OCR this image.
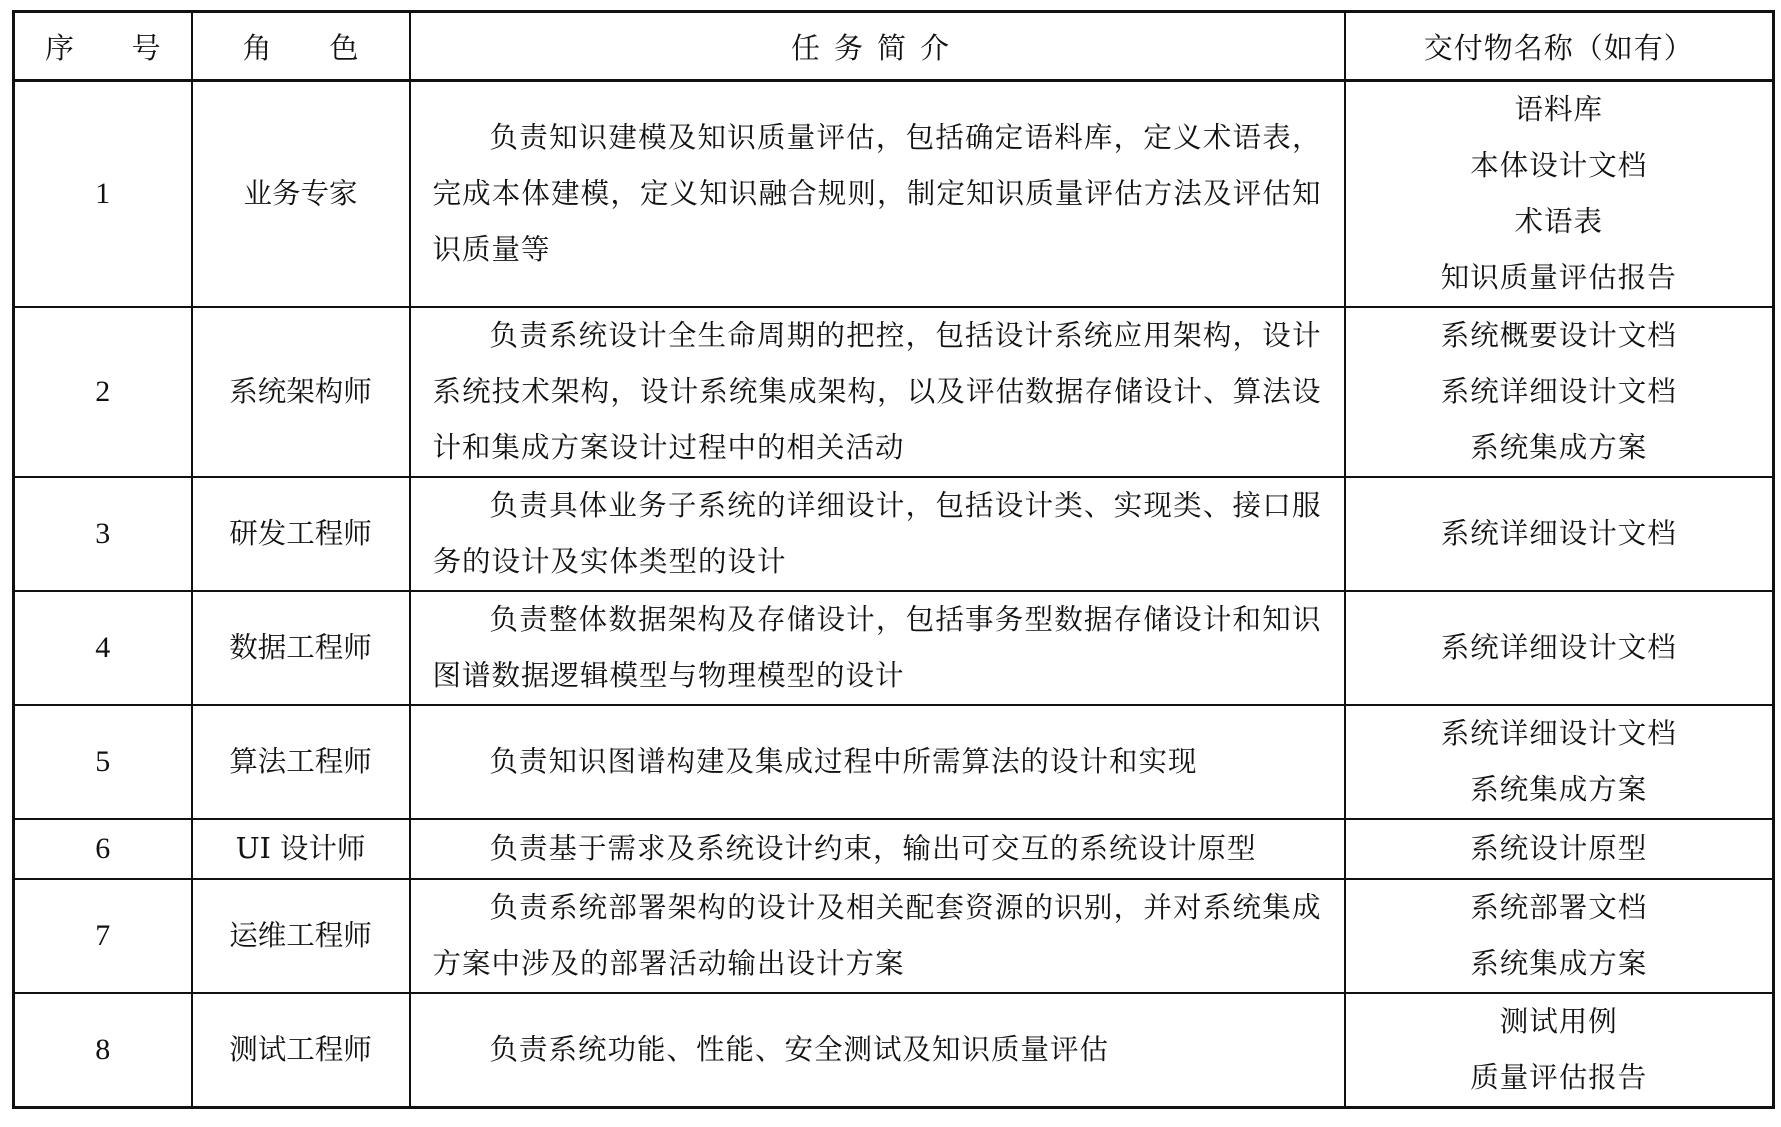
序 号	角 色	任务简介	交付物名称（如有）

1	业务专家	负责知识建模及知识质量评估，包括确定语料库，定义术语表，完成本体建模，定义知识融合规则，制定知识质量评估方法及评估知识质量等	语料库
本体设计文档
术语表
知识质量评估报告

2	系统架构师	负责系统设计全生命周期的把控，包括设计系统应用架构，设计系统技术架构，设计系统集成架构，以及评估数据存储设计、算法设计和集成方案设计过程中的相关活动	系统概要设计文档
系统详细设计文档
系统集成方案

3	研发工程师	负责具体业务子系统的详细设计，包括设计类、实现类、接口服务的设计及实体类型的设计	系统详细设计文档

4	数据工程师	负责整体数据架构及存储设计，包括事务型数据存储设计和知识图谱数据逻辑模型与物理模型的设计	系统详细设计文档

5	算法工程师	负责知识图谱构建及集成过程中所需算法的设计和实现	系统详细设计文档
系统集成方案

6	UI 设计师	负责基于需求及系统设计约束，输出可交互的系统设计原型	系统设计原型

7	运维工程师	负责系统部署架构的设计及相关配套资源的识别，并对系统集成方案中涉及的部署活动输出设计方案	系统部署文档
系统集成方案

8	测试工程师	负责系统功能、性能、安全测试及知识质量评估	测试用例
质量评估报告
